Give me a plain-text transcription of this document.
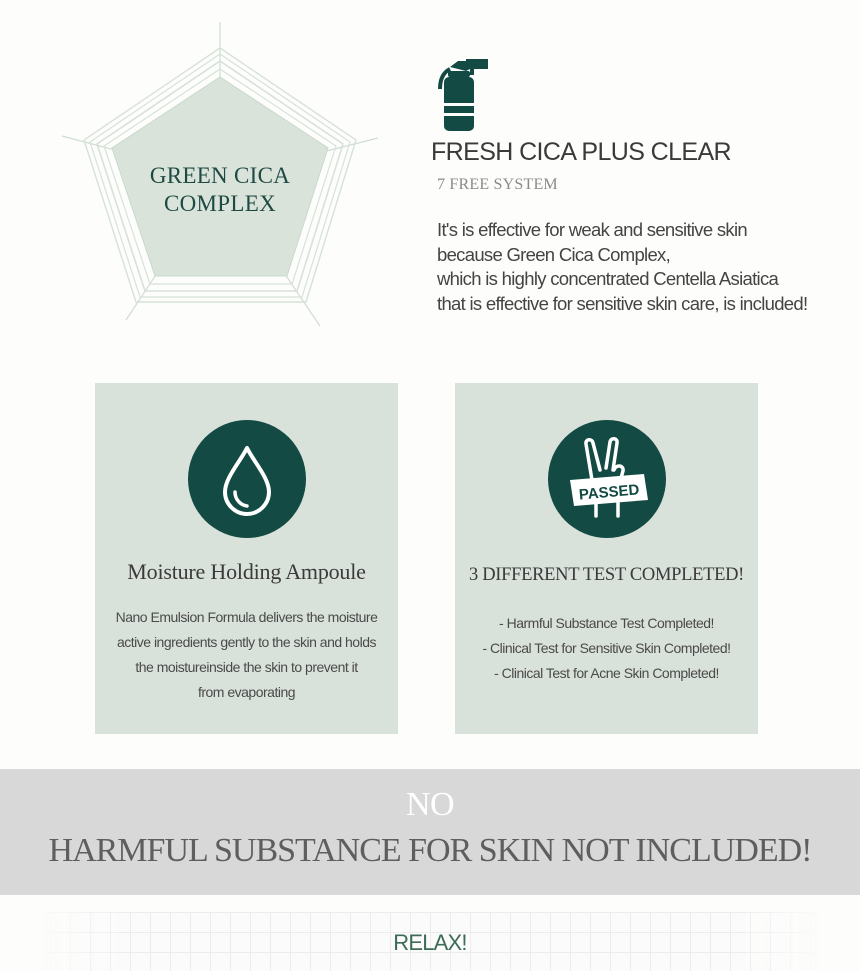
GREEN CICA
COMPLEX
FRESH CICA PLUS CLEAR
7 FREE SYSTEM
It's is effective for weak and sensitive skin
because Green Cica Complex,
which is highly concentrated Centella Asiatica
that is effective for sensitive skin care, is included!
Moisture Holding Ampoule
Nano Emulsion Formula delivers the moisture
active ingredients gently to the skin and holds
the moistureinside the skin to prevent it
from evaporating
PASSED
3 DIFFERENT TEST COMPLETED!
- Harmful Substance Test Completed!
- Clinical Test for Sensitive Skin Completed!
- Clinical Test for Acne Skin Completed!
NO
HARMFUL SUBSTANCE FOR SKIN NOT INCLUDED!
RELAX!
